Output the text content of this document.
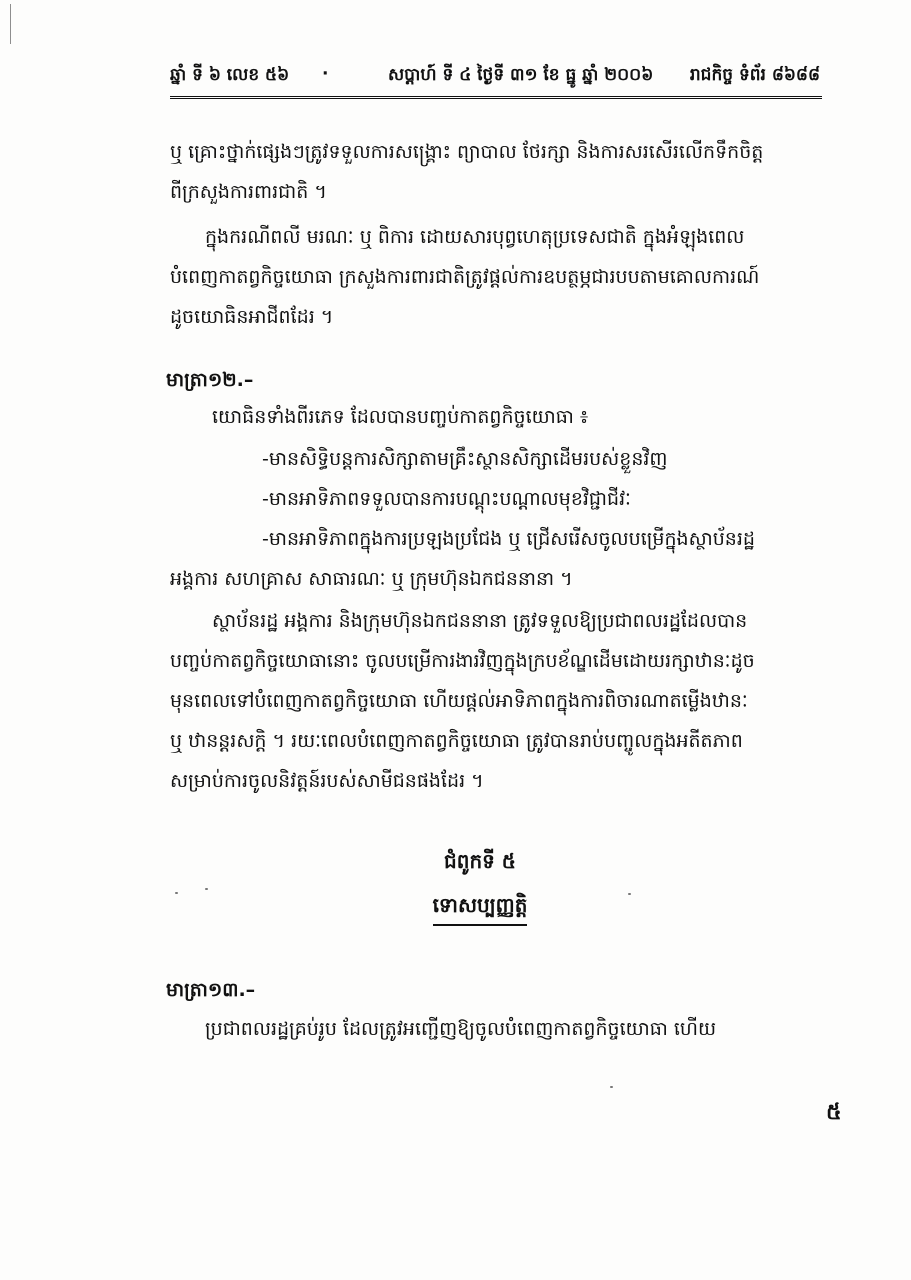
ឆ្នាំ ទី ៦ លេខ ៥៦ ·	សប្តាហ៍ ទី ៤ ថ្ងៃទី ៣១ ខែ ធ្នូ ឆ្នាំ ២០០៦ រាជកិច្ច ទំព័រ ៨៦៨៨
ឬ គ្រោះថ្នាក់ផ្សេងៗត្រូវទទួលការសង្គ្រោះ ព្យាបាល ថែរក្សា និងការសរសើរលើកទឹកចិត្ត
ពីក្រសួងការពារជាតិ ។
ក្នុងករណីពលី មរណៈ ឬ ពិការ ដោយសារបុព្វហេតុប្រទេសជាតិ ក្នុងអំឡុងពេល
បំពេញកាតព្វកិច្ចយោធា ក្រសួងការពារជាតិត្រូវផ្តល់ការឧបត្ថម្ភជារបបតាមគោលការណ៍
ដូចយោធិនអាជីពដែរ ។
មាត្រា១២.–
យោធិនទាំងពីរភេទ ដែលបានបញ្ចប់កាតព្វកិច្ចយោធា ៖
-មានសិទ្ធិបន្តការសិក្សាតាមគ្រឹះស្ថានសិក្សាដើមរបស់ខ្លួនវិញ
-មានអាទិភាពទទួលបានការបណ្តុះបណ្តាលមុខវិជ្ជាជីវៈ
-មានអាទិភាពក្នុងការប្រឡងប្រជែង ឬ ជ្រើសរើសចូលបម្រើក្នុងស្ថាប័នរដ្ឋ
អង្គការ សហគ្រាស សាធារណៈ ឬ ក្រុមហ៊ុនឯកជននានា ។
ស្ថាប័នរដ្ឋ អង្គការ និងក្រុមហ៊ុនឯកជននានា ត្រូវទទួលឱ្យប្រជាពលរដ្ឋដែលបាន
បញ្ចប់កាតព្វកិច្ចយោធានោះ ចូលបម្រើការងារវិញក្នុងក្របខ័ណ្ឌដើមដោយរក្សាឋានៈដូច
មុនពេលទៅបំពេញកាតព្វកិច្ចយោធា ហើយផ្តល់អាទិភាពក្នុងការពិចារណាតម្លើងឋានៈ
ឬ ឋានន្តរសក្តិ ។ រយៈពេលបំពេញកាតព្វកិច្ចយោធា ត្រូវបានរាប់បញ្ចូលក្នុងអតីតភាព
សម្រាប់ការចូលនិវត្តន៍របស់សាមីជនផងដែរ ។
ជំពូកទី ៥
ទោសប្បញ្ញត្តិ
មាត្រា១៣.–
ប្រជាពលរដ្ឋគ្រប់រូប ដែលត្រូវអញ្ជើញឱ្យចូលបំពេញកាតព្វកិច្ចយោធា ហើយ
៥
